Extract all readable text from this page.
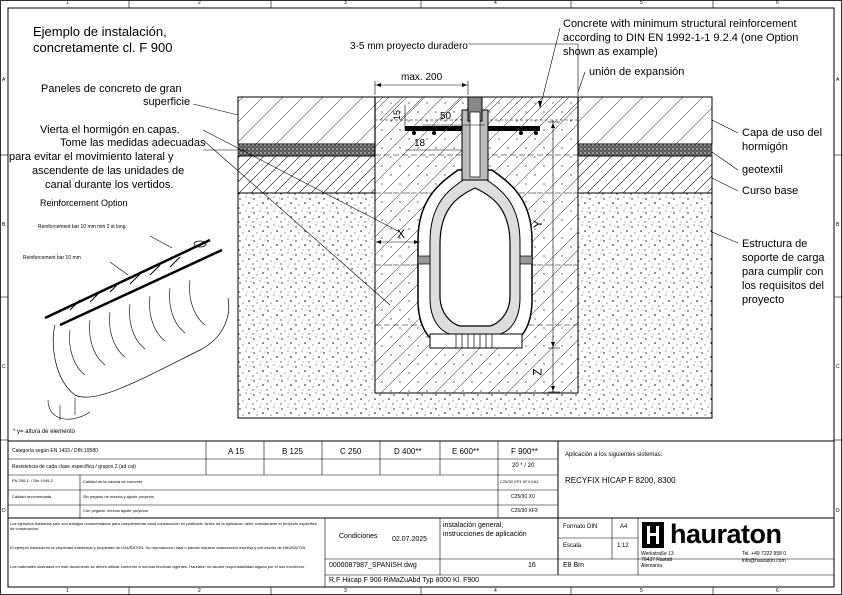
1	2	3	4	5	6
1	2	3	4	5	6
A
B
C
D
A
B
C
D
Ejemplo de instalación,
concretamente cl. F 900
Paneles de concreto de gran
superficie
Vierta el hormigón en capas.
Tome las medidas adecuadas
para evitar el movimiento lateral y
ascendente de las unidades de
canal durante los vertidos.
3-5 mm proyecto duradero
Concrete with minimum structural reinforcement
according to DIN EN 1992-1-1 9.2.4 (one Option
shown as example)
unión de expansión
Capa de uso del
hormigón
geotextil
Curso base
Estructura de
soporte de carga
para cumplir con
los requisitos del
proyecto
max. 200
15	50
18
X
Y
Z
Reinforcement Option
Reinforcement bar 10 mm min 2 st long
Reinforcement bar 10 mm
* y= altura de elemento
Categoría según EN 1433 / DIN 19580	A 15	B 125	C 250	D 400**	E 600**	F 900**
Resistencia de cada clase específica / grupos 2 (ad cat)	20 * / 20
EN 206-1: / Din 1045-2	Calidad de la mezcla de concreto	C25/30 XF3 XF4 XA2
Calidad recomendada	Sin pegado de mezcla y ajuste proyecto	C25/30 X0
Con pegado, mezcla ajuste proyecto	C25/30 XF3
Aplicación a los siguientes sistemas:
RECYFIX HICAP F 8200, 8300
Los ejemplos ilustrados sólo son trabajos recomendados para complementar cada construcción en particular. Antes de la aplicación debe considerarse el proyecto especifico de construccion
El ejemplo ilustrado es la propiedad intelectual y propiedad de HAURATON. Su reproducción total o parcial requiere autorización expresa y por escrito de HAURATON.
Los materiales ilustrados en este documento se deben utilizar conforme a normas técnicas vigentes. Hauraton no asume responsabilidad alguna por el uso incorrecto.
Condiciones 02.07.2025
instalación general,
instrucciones de aplicación
Formato DIN	A4
Escala	1:12
0000087987_SPANISH.dwg	16	E8 Bm
R.F Hiicap F 900 RiMaZuAbd Typ 8000 Kl. F900
hauraton
Werkstraße 13
76437 Rastatt
Alemania
Tel. +49 7222 958 0
info@hauraton.com
